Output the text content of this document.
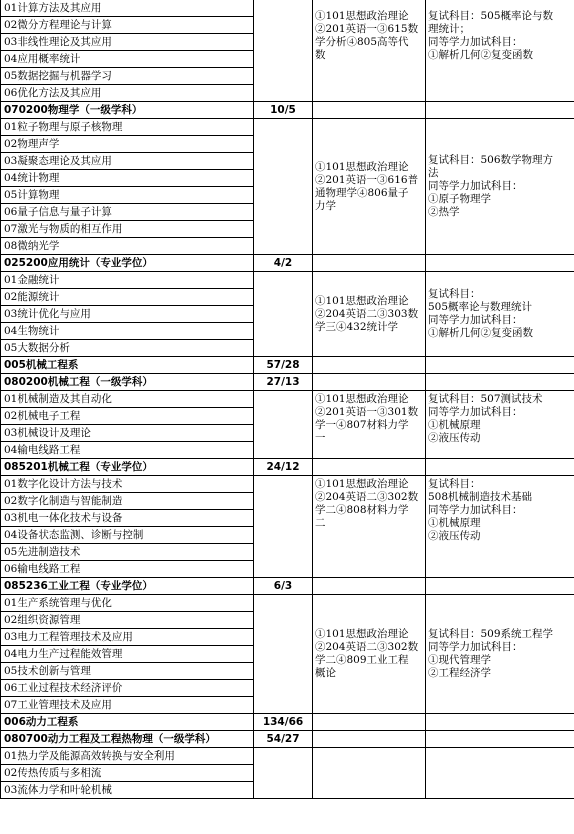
01计算方法及其应用		①101思想政治理论
②201英语一③615数
学分析④805高等代
数	复试科目：505概率论与数
理统计；
同等学力加试科目：
①解析几何②复变函数
02微分方程理论与计算			
03非线性理论及其应用			
04应用概率统计			
05数据挖掘与机器学习			
06优化方法及其应用			
070200物理学（一级学科）	10/5		
01粒子物理与原子核物理		①101思想政治理论
②201英语一③616普
通物理学④806量子
力学	复试科目：506数学物理方
法
同等学力加试科目：
①原子物理学
②热学
02物理声学			
03凝聚态理论及其应用			
04统计物理			
05计算物理			
06量子信息与量子计算			
07激光与物质的相互作用			
08微纳光学			
025200应用统计（专业学位）	4/2		
01金融统计		①101思想政治理论
②204英语二③303数
学三④432统计学	复试科目：
505概率论与数理统计
同等学力加试科目：
①解析几何②复变函数
02能源统计			
03统计优化与应用			
04生物统计			
05大数据分析			
005机械工程系	57/28		
080200机械工程（一级学科）	27/13		
01机械制造及其自动化		①101思想政治理论
②201英语一③301数
学一④807材料力学
一	复试科目：507测试技术
同等学力加试科目：
①机械原理
②液压传动
02机械电子工程			
03机械设计及理论			
04输电线路工程			
085201机械工程（专业学位）	24/12		
01数字化设计方法与技术		①101思想政治理论
②204英语二③302数
学二④808材料力学
二	复试科目：
508机械制造技术基础
同等学力加试科目：
①机械原理
②液压传动
02数字化制造与智能制造			
03机电一体化技术与设备			
04设备状态监测、诊断与控制			
05先进制造技术			
06输电线路工程			
085236工业工程（专业学位）	6/3		
01生产系统管理与优化		①101思想政治理论
②204英语二③302数
学二④809工业工程
概论	复试科目：509系统工程学
同等学力加试科目：
①现代管理学
②工程经济学
02组织资源管理			
03电力工程管理技术及应用			
04电力生产过程能效管理			
05技术创新与管理			
06工业过程技术经济评价			
07工业管理技术及应用			
006动力工程系	134/66		
080700动力工程及工程热物理（一级学科）	54/27		
01热力学及能源高效转换与安全利用			
02传热传质与多相流			
03流体力学和叶轮机械			
